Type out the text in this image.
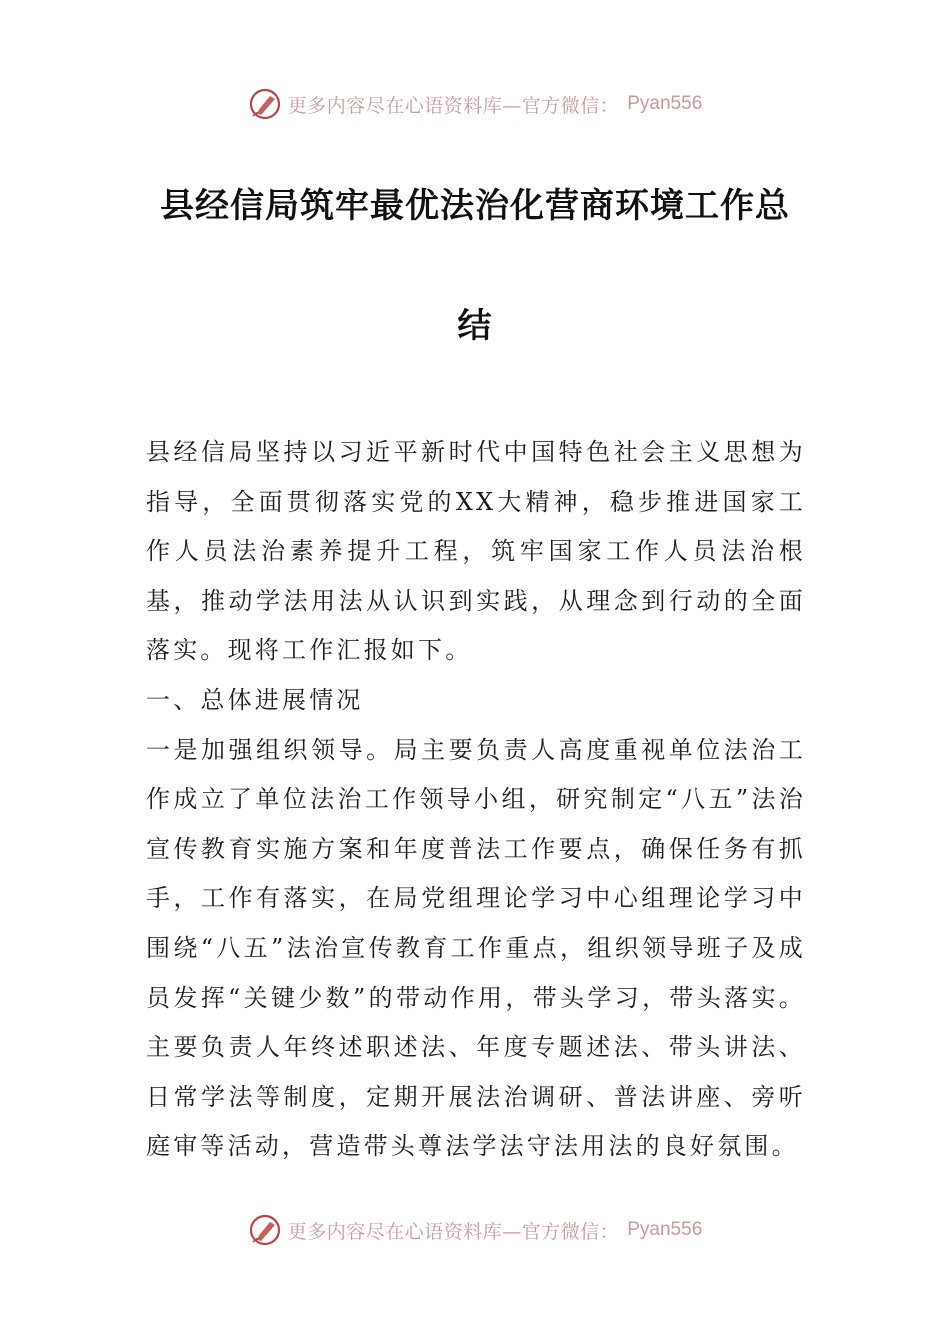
更多内容尽在心语资料库—官方微信： Pyan556
县经信局筑牢最优法治化营商环境工作总
结

县经信局坚持以习近平新时代中国特色社会主义思想为指导，全面贯彻落实党的XX大精神，稳步推进国家工作人员法治素养提升工程，筑牢国家工作人员法治根基，推动学法用法从认识到实践，从理念到行动的全面落实。现将工作汇报如下。

一、总体进展情况

一是加强组织领导。局主要负责人高度重视单位法治工作成立了单位法治工作领导小组，研究制定“八五”法治宣传教育实施方案和年度普法工作要点，确保任务有抓手，工作有落实，在局党组理论学习中心组理论学习中围绕“八五”法治宣传教育工作重点，组织领导班子及成员发挥“关键少数”的带动作用，带头学习，带头落实。主要负责人年终述职述法、年度专题述法、带头讲法、日常学法等制度，定期开展法治调研、普法讲座、旁听庭审等活动，营造带头尊法学法守法用法的良好氛围。

更多内容尽在心语资料库—官方微信： Pyan556
